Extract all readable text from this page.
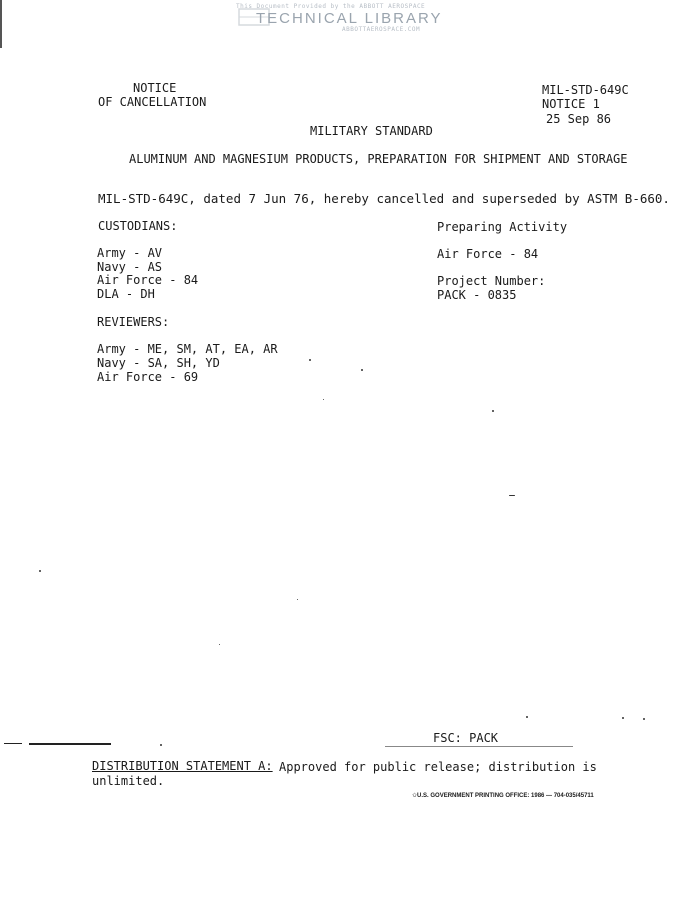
This Document Provided by the ABBOTT AEROSPACE
TECHNICAL LIBRARY
ABBOTTAEROSPACE.COM
NOTICE
OF CANCELLATION
MIL-STD-649C
NOTICE 1
25 Sep 86
MILITARY STANDARD
ALUMINUM AND MAGNESIUM PRODUCTS, PREPARATION FOR SHIPMENT AND STORAGE
MIL-STD-649C, dated 7 Jun 76, hereby cancelled and superseded by ASTM B-660.
CUSTODIANS:
Army - AV
Navy - AS
Air Force - 84
DLA - DH
Preparing Activity
Air Force - 84
Project Number:
PACK - 0835
REVIEWERS:
Army - ME, SM, AT, EA, AR
Navy - SA, SH, YD
Air Force - 69
FSC: PACK
DISTRIBUTION STATEMENT A: Approved for public release; distribution is
unlimited.
✩U.S. GOVERNMENT PRINTING OFFICE: 1986 — 704-035/45711
